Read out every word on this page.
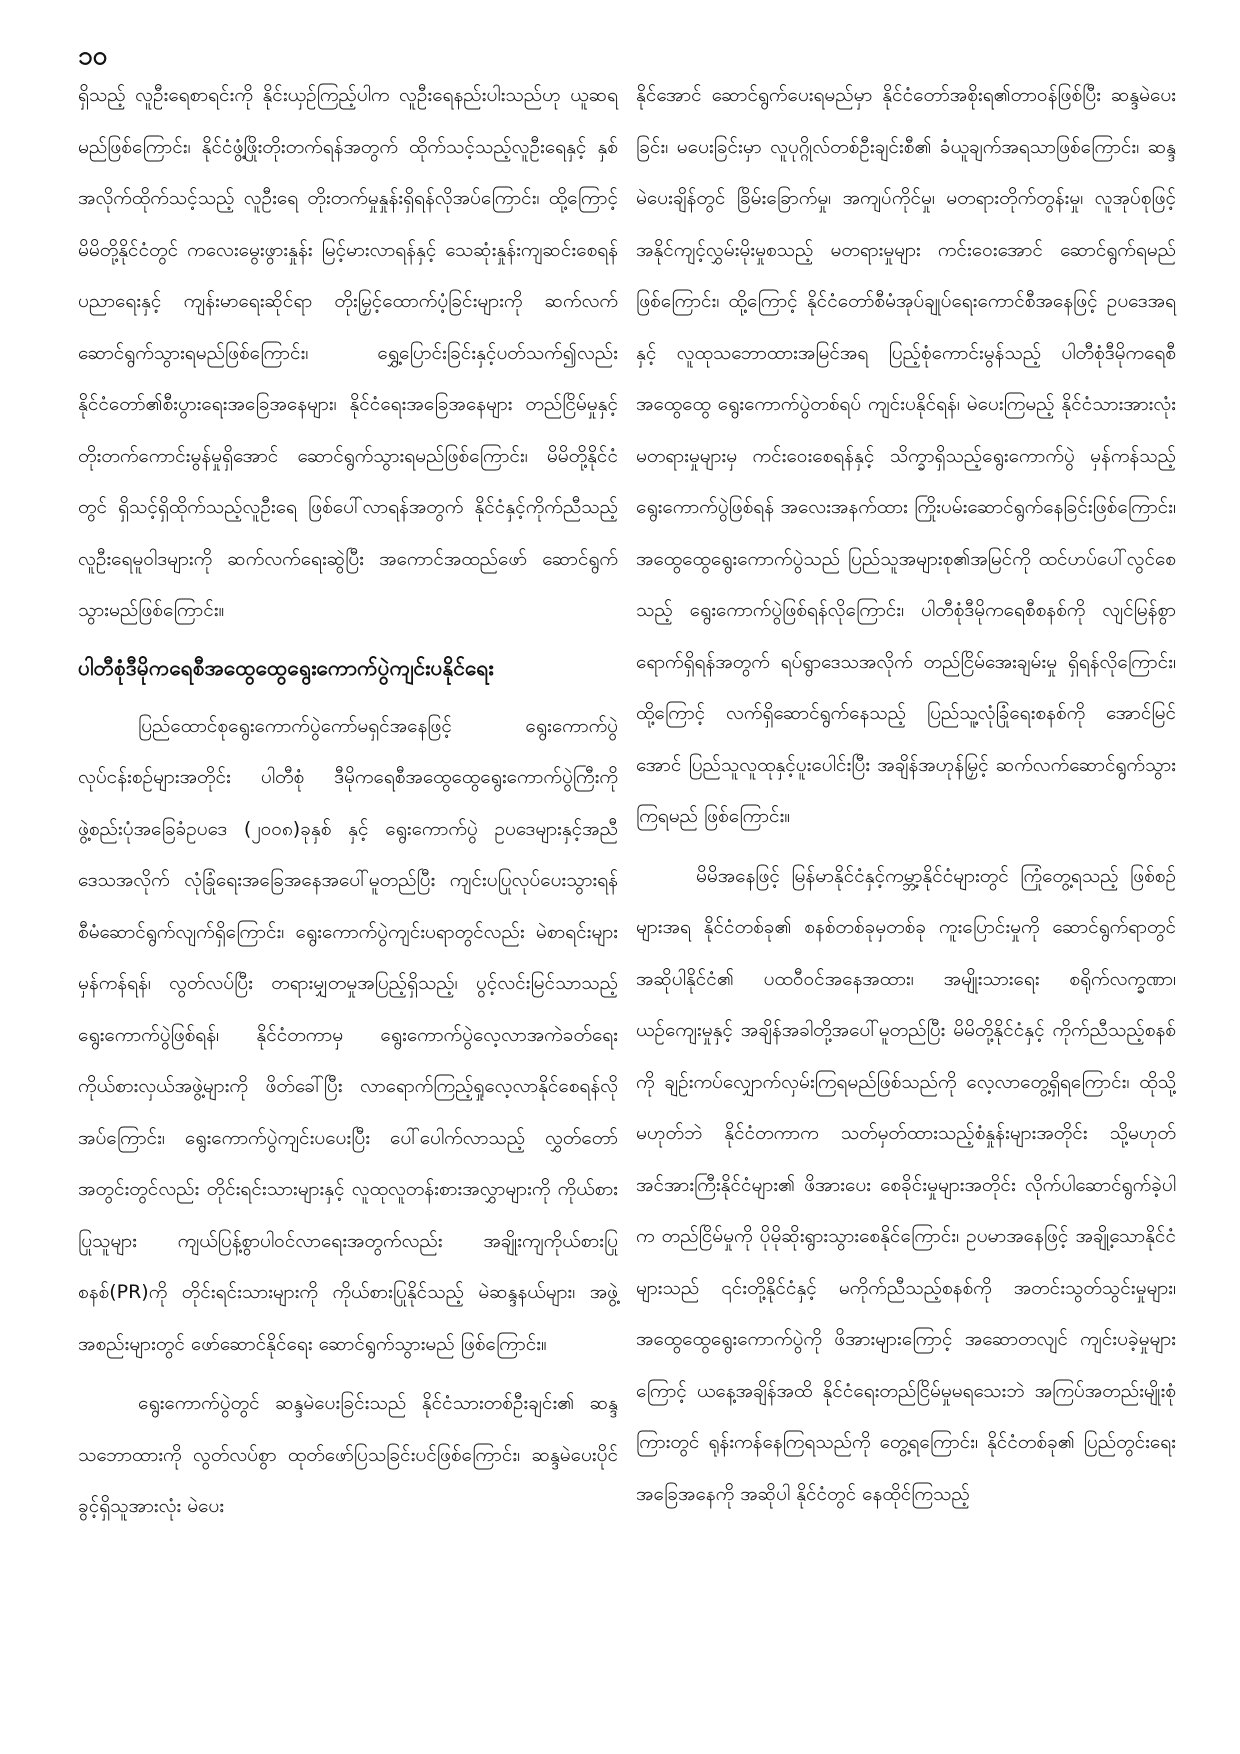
၁၀

ရှိသည့် လူဦးရေစာရင်းကို နိုင်းယှဉ်ကြည့်ပါက လူဦးရေနည်းပါးသည်ဟု ယူဆရမည်ဖြစ်ကြောင်း၊ နိုင်ငံဖွံ့ဖြိုးတိုးတက်ရန်အတွက် ထိုက်သင့်သည့်လူဦးရေနှင့် နှစ်အလိုက်ထိုက်သင့်သည့် လူဦးရေ တိုးတက်မှုနှုန်းရှိရန်လိုအပ်ကြောင်း၊ ထို့ကြောင့် မိမိတို့နိုင်ငံတွင် ကလေးမွေးဖွားနှုန်း မြင့်မားလာရန်နှင့် သေဆုံးနှုန်းကျဆင်းစေရန် ပညာရေးနှင့် ကျန်းမာရေးဆိုင်ရာ တိုးမြှင့်ထောက်ပံ့ခြင်းများကို ဆက်လက်ဆောင်ရွက်သွားရမည်ဖြစ်ကြောင်း၊ ရွှေ့ပြောင်းခြင်းနှင့်ပတ်သက်၍လည်း နိုင်ငံတော်၏စီးပွားရေးအခြေအနေများ၊ နိုင်ငံရေးအခြေအနေများ တည်ငြိမ်မှုနှင့် တိုးတက်ကောင်းမွန်မှုရှိအောင် ဆောင်ရွက်သွားရမည်ဖြစ်ကြောင်း၊ မိမိတို့နိုင်ငံတွင် ရှိသင့်ရှိထိုက်သည့်လူဦးရေ ဖြစ်ပေါ်လာရန်အတွက် နိုင်ငံနှင့်ကိုက်ညီသည့် လူဦးရေမူဝါဒများကို ဆက်လက်ရေးဆွဲပြီး အကောင်အထည်ဖော် ဆောင်ရွက်သွားမည်ဖြစ်ကြောင်း။

ပါတီစုံဒီမိုကရေစီအထွေထွေရွေးကောက်ပွဲကျင်းပနိုင်ရေး

ပြည်ထောင်စုရွေးကောက်ပွဲကော်မရှင်အနေဖြင့် ရွေးကောက်ပွဲလုပ်ငန်းစဉ်များအတိုင်း ပါတီစုံ ဒီမိုကရေစီအထွေထွေရွေးကောက်ပွဲကြီးကို ဖွဲ့စည်းပုံအခြေခံဥပဒေ (၂၀၀၈)ခုနှစ် နှင့် ရွေးကောက်ပွဲ ဥပဒေများနှင့်အညီ ဒေသအလိုက် လုံခြုံရေးအခြေအနေအပေါ်မူတည်ပြီး ကျင်းပပြုလုပ်ပေးသွားရန် စီမံဆောင်ရွက်လျက်ရှိကြောင်း၊ ရွေးကောက်ပွဲကျင်းပရာတွင်လည်း မဲစာရင်းများမှန်ကန်ရန်၊ လွတ်လပ်ပြီး တရားမျှတမှုအပြည့်ရှိသည့်၊ ပွင့်လင်းမြင်သာသည့် ရွေးကောက်ပွဲဖြစ်ရန်၊ နိုင်ငံတကာမှ ရွေးကောက်ပွဲလေ့လာအကဲခတ်ရေးကိုယ်စားလှယ်အဖွဲ့များကို ဖိတ်ခေါ်ပြီး လာရောက်ကြည့်ရှုလေ့လာနိုင်စေရန်လိုအပ်ကြောင်း၊ ရွေးကောက်ပွဲကျင်းပပေးပြီး ပေါ်ပေါက်လာသည့် လွှတ်တော်အတွင်းတွင်လည်း တိုင်းရင်းသားများနှင့် လူထုလူတန်းစားအလွှာများကို ကိုယ်စားပြုသူများ ကျယ်ပြန့်စွာပါဝင်လာရေးအတွက်လည်း အချိုးကျကိုယ်စားပြုစနစ်(PR)ကို တိုင်းရင်းသားများကို ကိုယ်စားပြုနိုင်သည့် မဲဆန္ဒနယ်များ၊ အဖွဲ့အစည်းများတွင် ဖော်ဆောင်နိုင်ရေး ဆောင်ရွက်သွားမည် ဖြစ်ကြောင်း။

ရွေးကောက်ပွဲတွင် ဆန္ဒမဲပေးခြင်းသည် နိုင်ငံသားတစ်ဦးချင်း၏ ဆန္ဒသဘောထားကို လွတ်လပ်စွာ ထုတ်ဖော်ပြသခြင်းပင်ဖြစ်ကြောင်း၊ ဆန္ဒမဲပေးပိုင်ခွင့်ရှိသူအားလုံး မဲပေး

နိုင်အောင် ဆောင်ရွက်ပေးရမည်မှာ နိုင်ငံတော်အစိုးရ၏တာဝန်ဖြစ်ပြီး ဆန္ဒမဲပေးခြင်း၊ မပေးခြင်းမှာ လူပုဂ္ဂိုလ်တစ်ဦးချင်းစီ၏ ခံယူချက်အရသာဖြစ်ကြောင်း၊ ဆန္ဒမဲပေးချိန်တွင် ခြိမ်းခြောက်မှု၊ အကျပ်ကိုင်မှု၊ မတရားတိုက်တွန်းမှု၊ လူအုပ်စုဖြင့် အနိုင်ကျင့်လွှမ်းမိုးမှုစသည့် မတရားမှုများ ကင်းဝေးအောင် ဆောင်ရွက်ရမည်ဖြစ်ကြောင်း၊ ထို့ကြောင့် နိုင်ငံတော်စီမံအုပ်ချုပ်ရေးကောင်စီအနေဖြင့် ဥပဒေအရ နှင့် လူထုသဘောထားအမြင်အရ ပြည့်စုံကောင်းမွန်သည့် ပါတီစုံဒီမိုကရေစီအထွေထွေ ရွေးကောက်ပွဲတစ်ရပ် ကျင်းပနိုင်ရန်၊ မဲပေးကြမည့် နိုင်ငံသားအားလုံး မတရားမှုများမှ ကင်းဝေးစေရန်နှင့် သိက္ခာရှိသည့်ရွေးကောက်ပွဲ မှန်ကန်သည့်ရွေးကောက်ပွဲဖြစ်ရန် အလေးအနက်ထား ကြိုးပမ်းဆောင်ရွက်နေခြင်းဖြစ်ကြောင်း၊ အထွေထွေရွေးကောက်ပွဲသည် ပြည်သူအများစု၏အမြင်ကို ထင်ဟပ်ပေါ်လွင်စေသည့် ရွေးကောက်ပွဲဖြစ်ရန်လိုကြောင်း၊ ပါတီစုံဒီမိုကရေစီစနစ်ကို လျင်မြန်စွာရောက်ရှိရန်အတွက် ရပ်ရွာဒေသအလိုက် တည်ငြိမ်အေးချမ်းမှု ရှိရန်လိုကြောင်း၊ ထို့ကြောင့် လက်ရှိဆောင်ရွက်နေသည့် ပြည်သူ့လုံခြုံရေးစနစ်ကို အောင်မြင်အောင် ပြည်သူလူထုနှင့်ပူးပေါင်းပြီး အချိန်အဟုန်မြှင့် ဆက်လက်ဆောင်ရွက်သွားကြရမည် ဖြစ်ကြောင်း။

မိမိအနေဖြင့် မြန်မာနိုင်ငံနှင့်ကမ္ဘာ့နိုင်ငံများတွင် ကြုံတွေ့ရသည့် ဖြစ်စဉ်များအရ နိုင်ငံတစ်ခု၏ စနစ်တစ်ခုမှတစ်ခု ကူးပြောင်းမှုကို ဆောင်ရွက်ရာတွင် အဆိုပါနိုင်ငံ၏ ပထဝီဝင်အနေအထား၊ အမျိုးသားရေး စရိုက်လက္ခဏာ၊ ယဉ်ကျေးမှုနှင့် အချိန်အခါတို့အပေါ်မူတည်ပြီး မိမိတို့နိုင်ငံနှင့် ကိုက်ညီသည့်စနစ်ကို ချဉ်းကပ်လျှောက်လှမ်းကြရမည်ဖြစ်သည်ကို လေ့လာတွေ့ရှိရကြောင်း၊ ထိုသို့မဟုတ်ဘဲ နိုင်ငံတကာက သတ်မှတ်ထားသည့်စံနှုန်းများအတိုင်း သို့မဟုတ် အင်အားကြီးနိုင်ငံများ၏ ဖိအားပေး စေခိုင်းမှုများအတိုင်း လိုက်ပါဆောင်ရွက်ခဲ့ပါက တည်ငြိမ်မှုကို ပိုမိုဆိုးရွားသွားစေနိုင်ကြောင်း၊ ဥပမာအနေဖြင့် အချို့သောနိုင်ငံများသည် ၎င်းတို့နိုင်ငံနှင့် မကိုက်ညီသည့်စနစ်ကို အတင်းသွတ်သွင်းမှုများ၊ အထွေထွေရွေးကောက်ပွဲကို ဖိအားများကြောင့် အဆောတလျင် ကျင်းပခဲ့မှုများကြောင့် ယနေ့အချိန်အထိ နိုင်ငံရေးတည်ငြိမ်မှုမရသေးဘဲ အကြပ်အတည်းမျိုးစုံကြားတွင် ရုန်းကန်နေကြရသည်ကို တွေ့ရကြောင်း၊ နိုင်ငံတစ်ခု၏ ပြည်တွင်းရေးအခြေအနေကို အဆိုပါ နိုင်ငံတွင် နေထိုင်ကြသည့်
